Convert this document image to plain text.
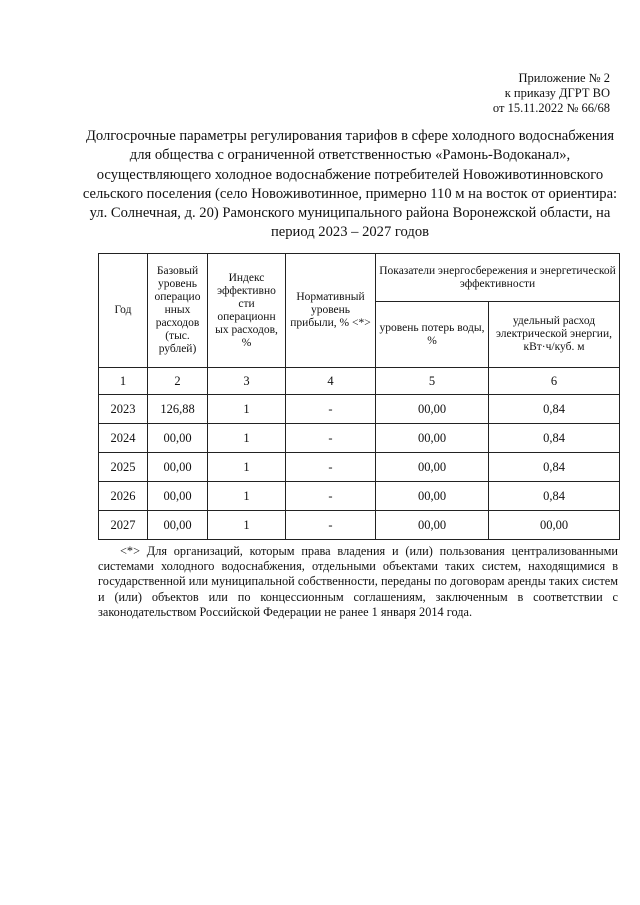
Приложение № 2
к приказу ДГРТ ВО
от 15.11.2022 № 66/68
Долгосрочные параметры регулирования тарифов в сфере холодного водоснабжения для общества с ограниченной ответственностью «Рамонь-Водоканал», осуществляющего холодное водоснабжение потребителей Новоживотинновского сельского поселения (село Новоживотинное, примерно 110 м на восток от ориентира: ул. Солнечная, д. 20) Рамонского муниципального района Воронежской области, на период 2023 – 2027 годов
Год	Базовый уровень операцио нных расходов (тыс. рублей)	Индекс эффективно сти операционн ых расходов, %	Нормативный уровень прибыли, % <*>	Показатели энергосбережения и энергетической эффективности	
				уровень потерь воды, %	удельный расход электрической энергии, кВт·ч/куб. м
1	2	3	4	5	6
2023	126,88	1	-	00,00	0,84
2024	00,00	1	-	00,00	0,84
2025	00,00	1	-	00,00	0,84
2026	00,00	1	-	00,00	0,84
2027	00,00	1	-	00,00	00,00

<*> Для организаций, которым права владения и (или) пользования централизованными системами холодного водоснабжения, отдельными объектами таких систем, находящимися в государственной или муниципальной собственности, переданы по договорам аренды таких систем и (или) объектов или по концессионным соглашениям, заключенным в соответствии с законодательством Российской Федерации не ранее 1 января 2014 года.
